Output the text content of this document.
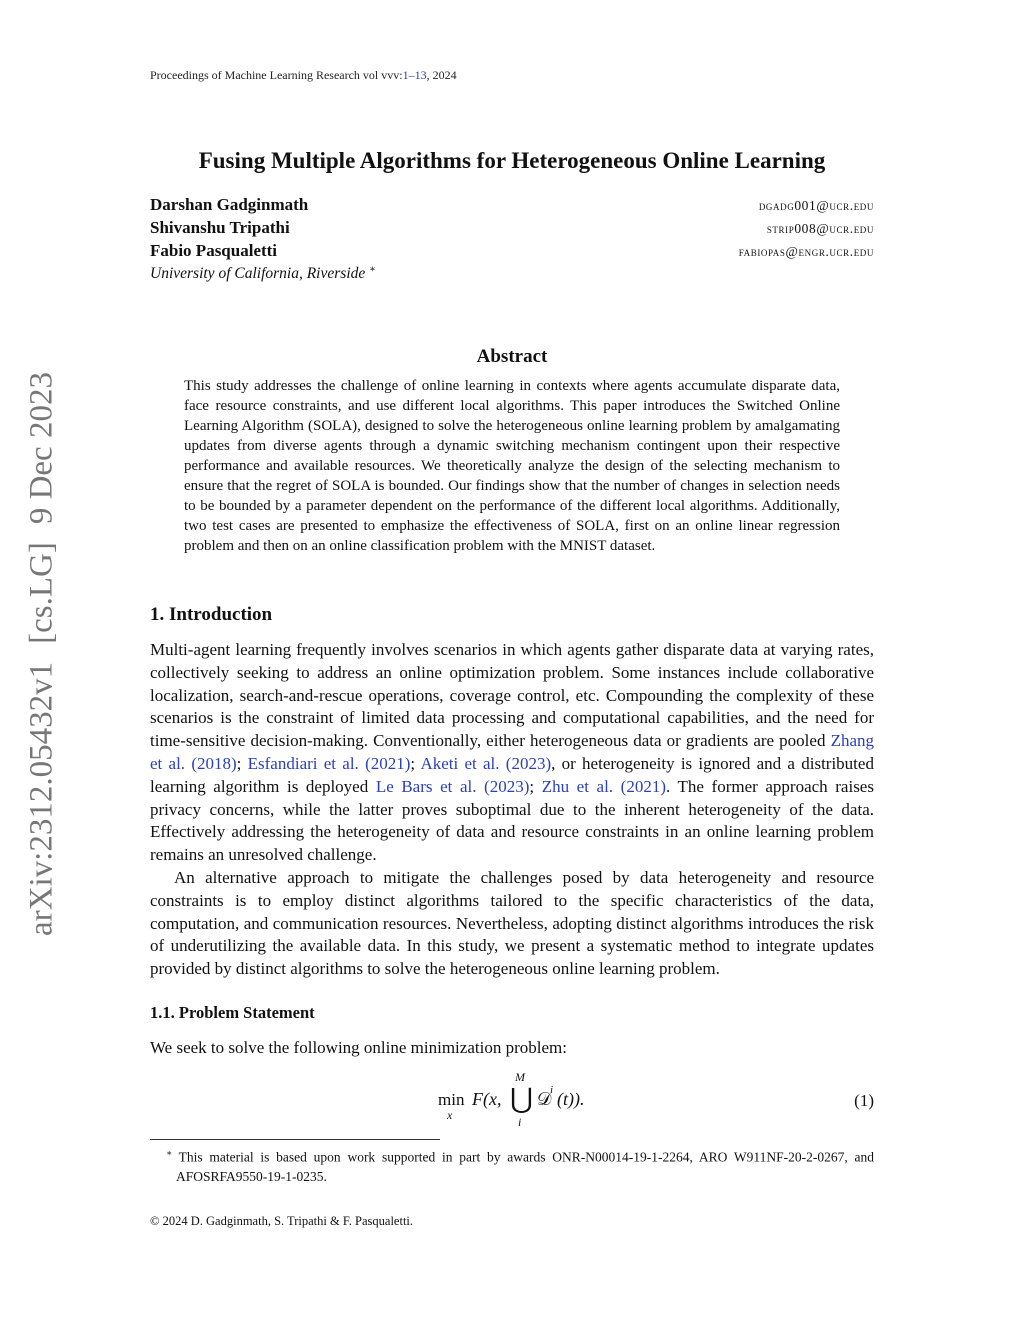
Proceedings of Machine Learning Research vol vvv:1–13, 2024
Fusing Multiple Algorithms for Heterogeneous Online Learning
Darshan Gadginmath	dgadg001@ucr.edu
Shivanshu Tripathi	strip008@ucr.edu
Fabio Pasqualetti	fabiopas@engr.ucr.edu
University of California, Riverside ∗
arXiv:2312.05432v1[cs.LG]9 Dec 2023
Abstract
This study addresses the challenge of online learning in contexts where agents accumulate disparate data, face resource constraints, and use different local algorithms. This paper introduces the Switched Online Learning Algorithm (SOLA), designed to solve the heterogeneous online learning problem by amalgamating updates from diverse agents through a dynamic switching mechanism contingent upon their respective performance and available resources. We theoretically analyze the design of the selecting mechanism to ensure that the regret of SOLA is bounded. Our findings show that the number of changes in selection needs to be bounded by a parameter dependent on the performance of the different local algorithms. Additionally, two test cases are presented to emphasize the effectiveness of SOLA, first on an online linear regression problem and then on an online classification problem with the MNIST dataset.
1. Introduction
Multi-agent learning frequently involves scenarios in which agents gather disparate data at varying rates, collectively seeking to address an online optimization problem. Some instances include collaborative localization, search-and-rescue operations, coverage control, etc. Compounding the complexity of these scenarios is the constraint of limited data processing and computational capabilities, and the need for time-sensitive decision-making. Conventionally, either heterogeneous data or gradients are pooled Zhang et al. (2018); Esfandiari et al. (2021); Aketi et al. (2023), or heterogeneity is ignored and a distributed learning algorithm is deployed Le Bars et al. (2023); Zhu et al. (2021). The former approach raises privacy concerns, while the latter proves suboptimal due to the inherent heterogeneity of the data. Effectively addressing the heterogeneity of data and resource constraints in an online learning problem remains an unresolved challenge.
An alternative approach to mitigate the challenges posed by data heterogeneity and resource constraints is to employ distinct algorithms tailored to the specific characteristics of the data, computation, and communication resources. Nevertheless, adopting distinct algorithms introduces the risk of underutilizing the available data. In this study, we present a systematic method to integrate updates provided by distinct algorithms to solve the heterogeneous online learning problem.
1.1. Problem Statement
We seek to solve the following online minimization problem:
min
x
F(x,
M
⋃
i
𝒟
i (t)).	(1)
∗ This material is based upon work supported in part by awards ONR-N00014-19-1-2264, ARO W911NF-20-2-0267, and AFOSRFA9550-19-1-0235.
© 2024 D. Gadginmath, S. Tripathi & F. Pasqualetti.
